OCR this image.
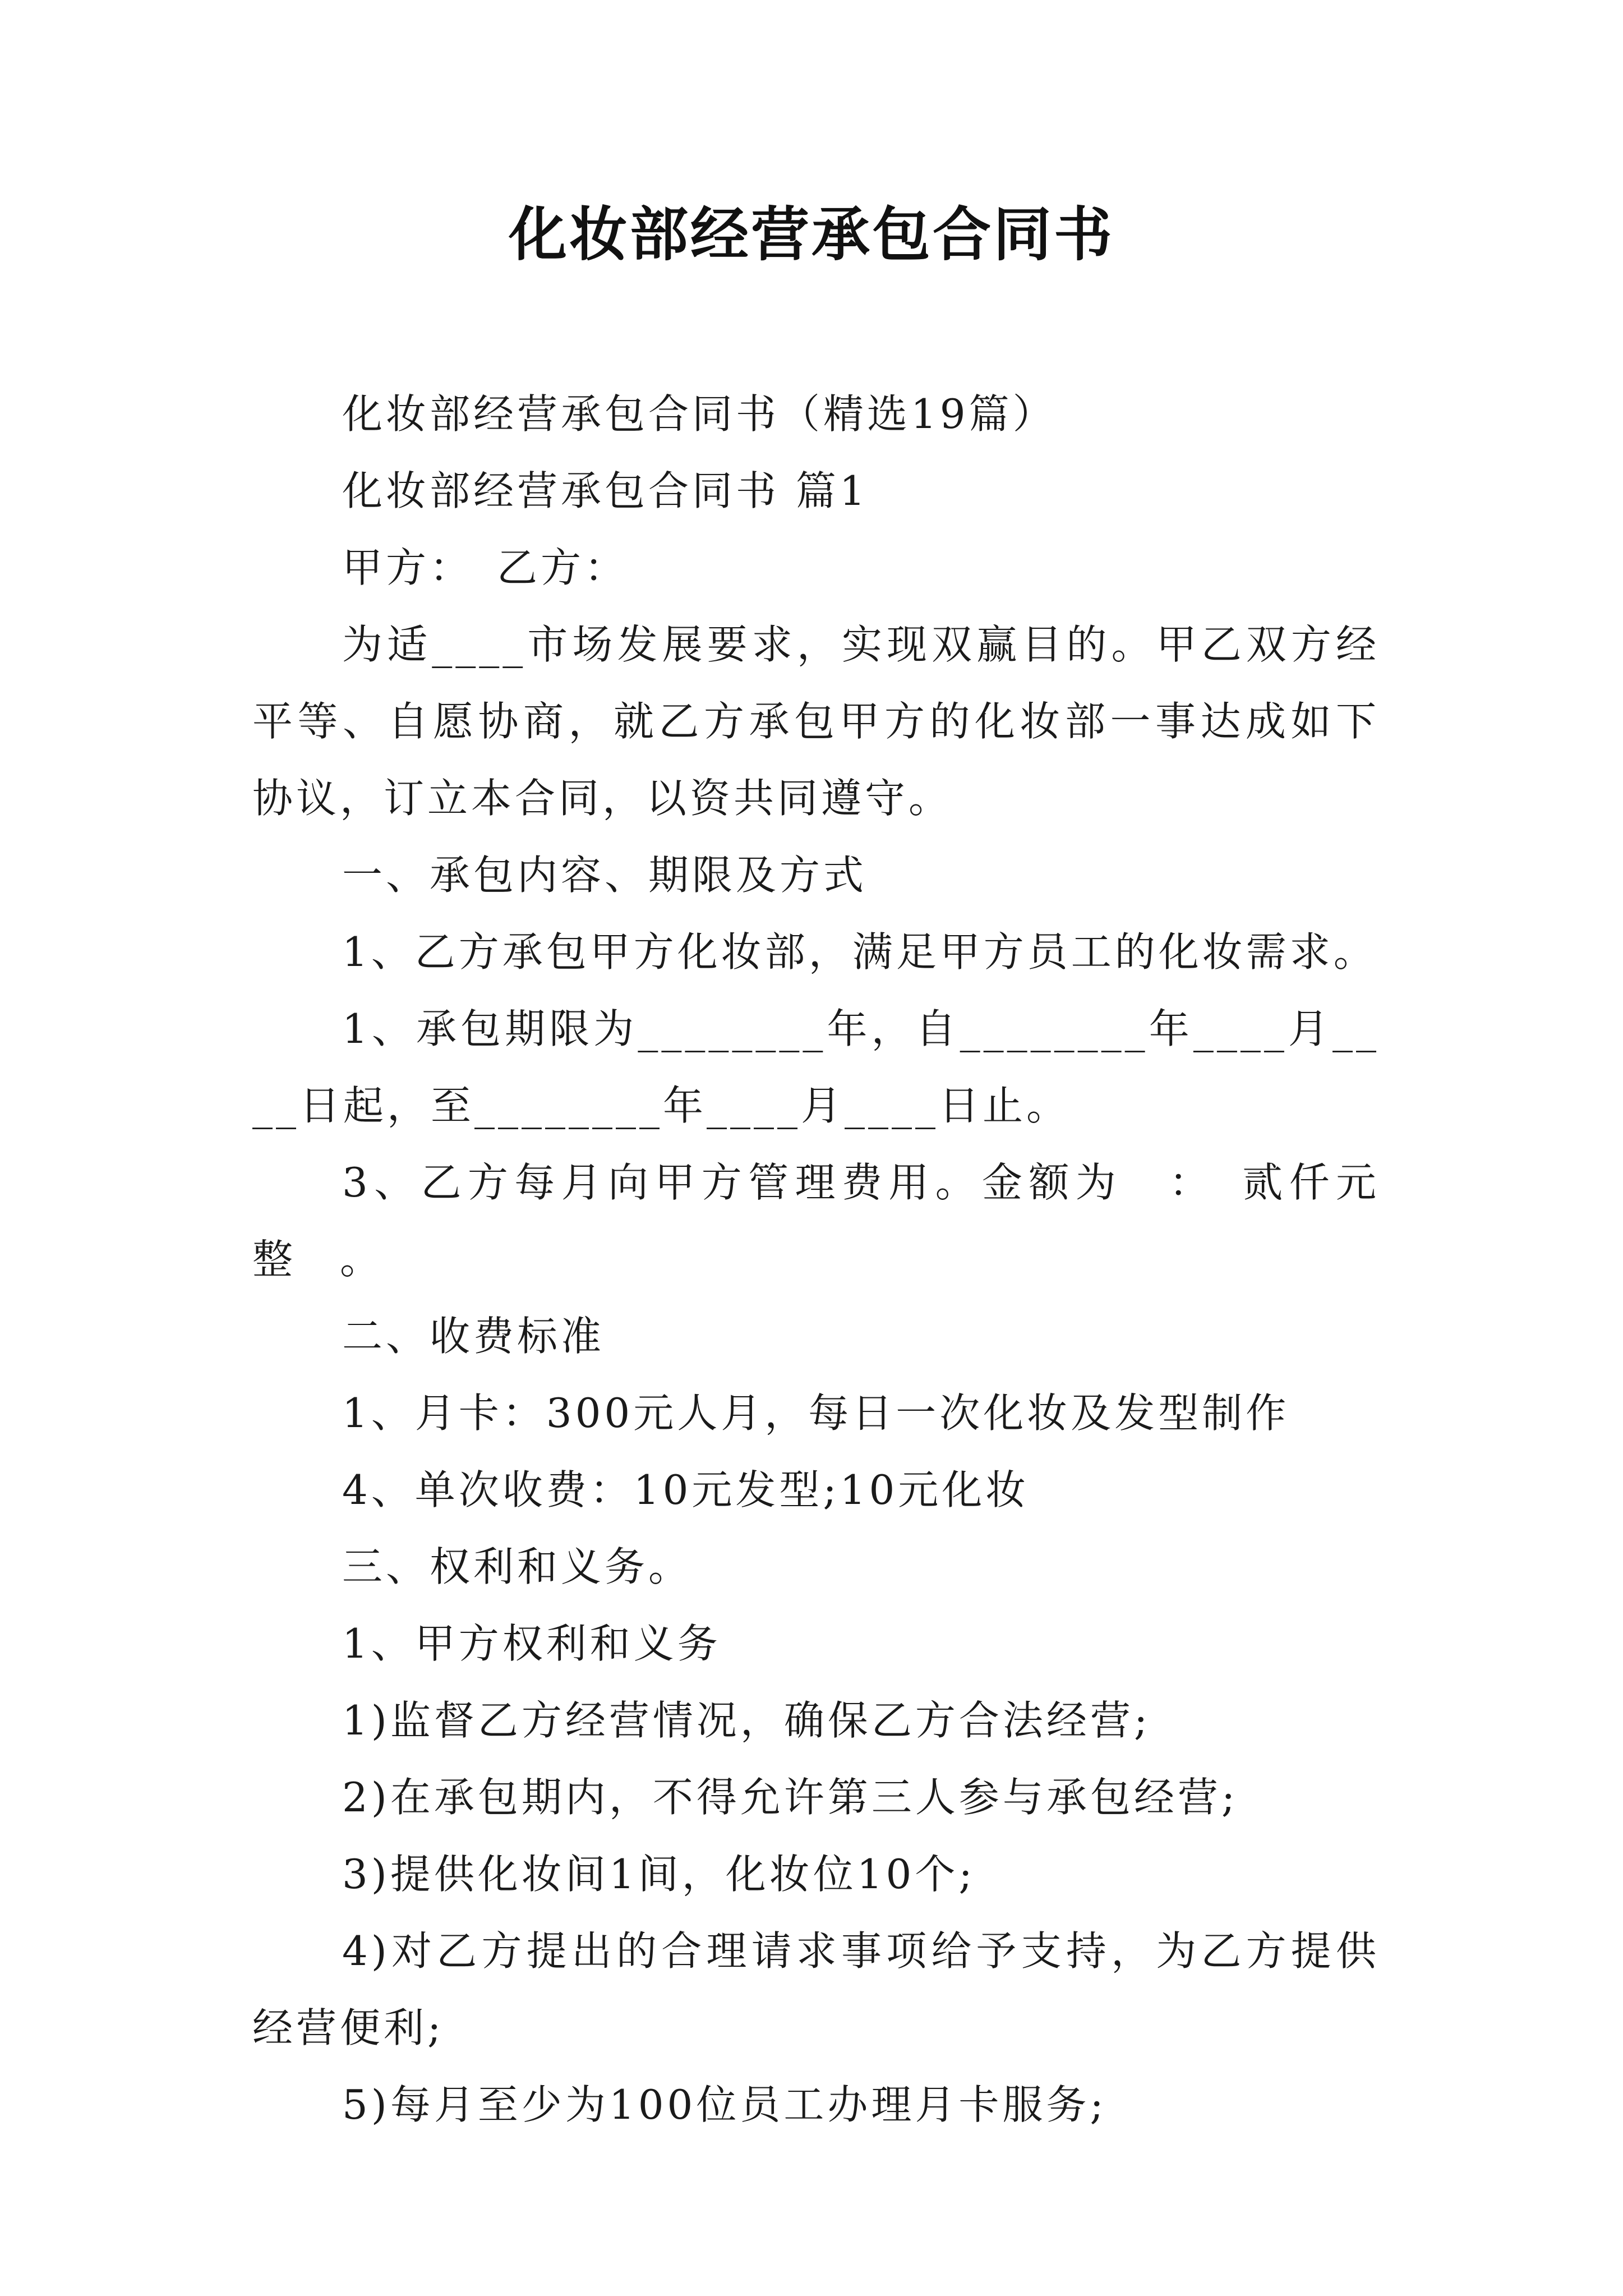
化妆部经营承包合同书

化妆部经营承包合同书（精选19篇）

化妆部经营承包合同书 篇1

甲方：　乙方：

为适____市场发展要求，实现双赢目的。甲乙双方经平等、自愿协商，就乙方承包甲方的化妆部一事达成如下协议，订立本合同，以资共同遵守。

一、承包内容、期限及方式

1、乙方承包甲方化妆部，满足甲方员工的化妆需求。

1、承包期限为________年，自________年____月____日起，至________年____月____日止。

3、乙方每月向甲方管理费用。金额为　：　贰仟元整　。

二、收费标准

1、月卡：300元人月，每日一次化妆及发型制作

4、单次收费：10元发型;10元化妆

三、权利和义务。

1、甲方权利和义务

1)监督乙方经营情况，确保乙方合法经营;

2)在承包期内，不得允许第三人参与承包经营;

3)提供化妆间1间，化妆位10个;

4)对乙方提出的合理请求事项给予支持，为乙方提供经营便利;

5)每月至少为100位员工办理月卡服务;
